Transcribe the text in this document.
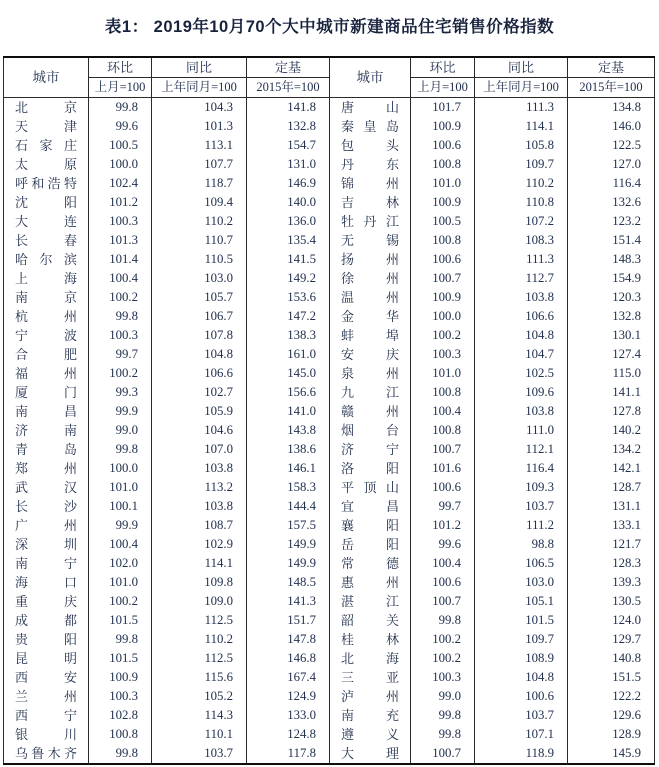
表1： 2019年10月70个大中城市新建商品住宅销售价格指数
城市	环比	同比	定基	城市	环比	同比	定基
	上月=100	上年同月=100	2015年=100		上月=100	上年同月=100	2015年=100
北京	99.8	104.3	141.8	唐山	101.7	111.3	134.8
天津	99.6	101.3	132.8	秦皇岛	100.9	114.1	146.0
石家庄	100.5	113.1	154.7	包头	100.6	105.8	122.5
太原	100.0	107.7	131.0	丹东	100.8	109.7	127.0
呼和浩特	102.4	118.7	146.9	锦州	101.0	110.2	116.4
沈阳	101.2	109.4	140.0	吉林	100.9	110.8	132.6
大连	100.3	110.2	136.0	牡丹江	100.5	107.2	123.2
长春	101.3	110.7	135.4	无锡	100.8	108.3	151.4
哈尔滨	101.4	110.5	141.5	扬州	100.6	111.3	148.3
上海	100.4	103.0	149.2	徐州	100.7	112.7	154.9
南京	100.2	105.7	153.6	温州	100.9	103.8	120.3
杭州	99.8	106.7	147.2	金华	100.0	106.6	132.8
宁波	100.3	107.8	138.3	蚌埠	100.2	104.8	130.1
合肥	99.7	104.8	161.0	安庆	100.3	104.7	127.4
福州	100.2	106.6	145.0	泉州	101.0	102.5	115.0
厦门	99.3	102.7	156.6	九江	100.8	109.6	141.1
南昌	99.9	105.9	141.0	赣州	100.4	103.8	127.8
济南	99.0	104.6	143.8	烟台	100.8	111.0	140.2
青岛	99.8	107.0	138.6	济宁	100.7	112.1	134.2
郑州	100.0	103.8	146.1	洛阳	101.6	116.4	142.1
武汉	101.0	113.2	158.3	平顶山	100.6	109.3	128.7
长沙	100.1	103.8	144.4	宜昌	99.7	103.7	131.1
广州	99.9	108.7	157.5	襄阳	101.2	111.2	133.1
深圳	100.4	102.9	149.9	岳阳	99.6	98.8	121.7
南宁	102.0	114.1	149.9	常德	100.4	106.5	128.3
海口	101.0	109.8	148.5	惠州	100.6	103.0	139.3
重庆	100.2	109.0	141.3	湛江	100.7	105.1	130.5
成都	101.5	112.5	151.7	韶关	99.8	101.5	124.0
贵阳	99.8	110.2	147.8	桂林	100.2	109.7	129.7
昆明	101.5	112.5	146.8	北海	100.2	108.9	140.8
西安	100.9	115.6	167.4	三亚	100.3	104.8	151.5
兰州	100.3	105.2	124.9	泸州	99.0	100.6	122.2
西宁	102.8	114.3	133.0	南充	99.8	103.7	129.6
银川	100.8	110.1	124.8	遵义	99.8	107.1	128.9
乌鲁木齐	99.8	103.7	117.8	大理	100.7	118.9	145.9
